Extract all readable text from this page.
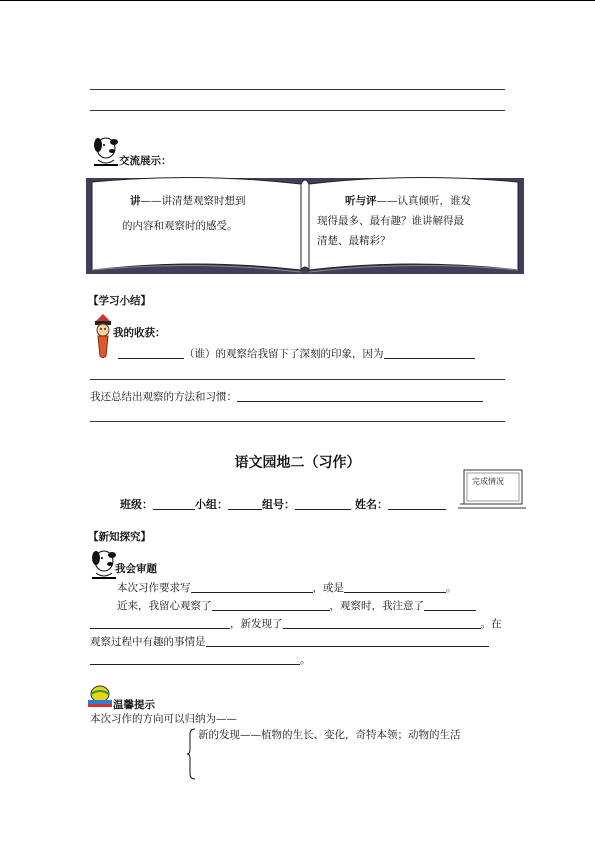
交流展示：
讲——讲清楚观察时想到
的内容和观察时的感受。
听与评——认真倾听，谁发
现得最多、最有趣？谁讲解得最
清楚、最精彩？
【学习小结】
我的收获：
（谁）的观察给我留下了深刻的印象，因为
我还总结出观察的方法和习惯：
语文园地二（习作）
完成情况
班级：	小组：	组号：	姓名：
【新知探究】
我会审题
本次习作要求写	，或是	。
近来，我留心观察了	，观察时，我注意了
，新发现了	。在
观察过程中有趣的事情是
。
温馨提示
本次习作的方向可以归纳为——
新的发现——植物的生长、变化，奇特本领；动物的生活
